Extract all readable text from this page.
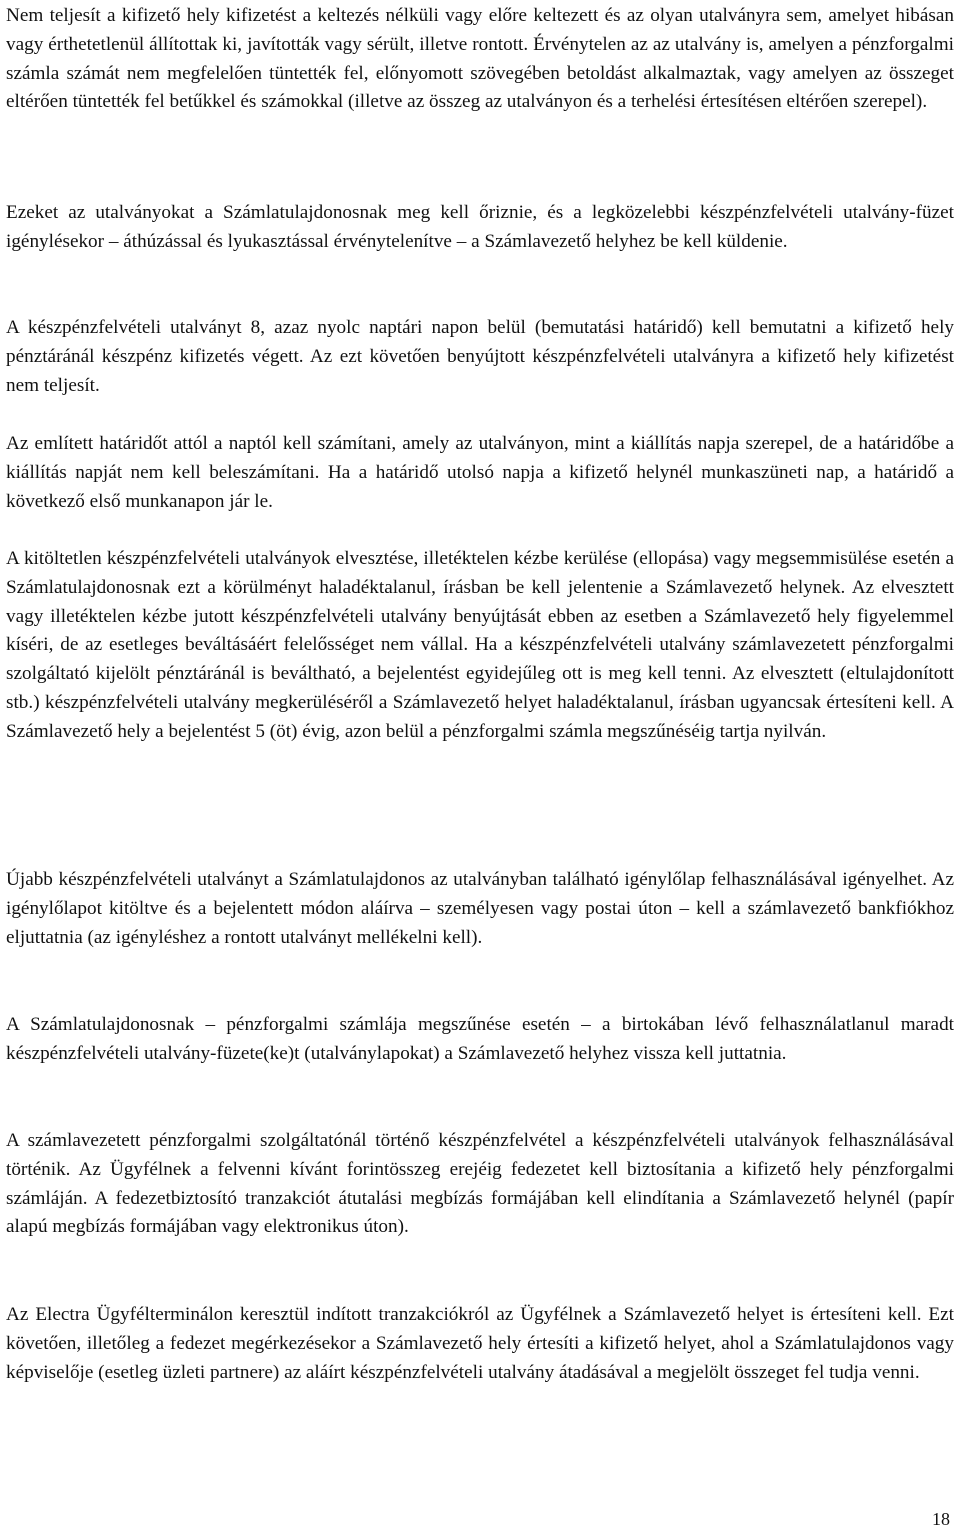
Nem teljesít a kifizető hely kifizetést a keltezés nélküli vagy előre keltezett és az olyan utalványra sem, amelyet hibásan vagy érthetetlenül állítottak ki, javították vagy sérült, illetve rontott. Érvénytelen az az utalvány is, amelyen a pénzforgalmi számla számát nem megfelelően tüntették fel, előnyomott szövegében betoldást alkalmaztak, vagy amelyen az összeget eltérően tüntették fel betűkkel és számokkal (illetve az összeg az utalványon és a terhelési értesítésen eltérően szerepel).

Ezeket az utalványokat a Számlatulajdonosnak meg kell őriznie, és a legközelebbi készpénzfelvételi utalvány-füzet igénylésekor – áthúzással és lyukasztással érvénytelenítve – a Számlavezető helyhez be kell küldenie.

A készpénzfelvételi utalványt 8, azaz nyolc naptári napon belül (bemutatási határidő) kell bemutatni a kifizető hely pénztáránál készpénz kifizetés végett. Az ezt követően benyújtott készpénzfelvételi utalványra a kifizető hely kifizetést nem teljesít.

Az említett határidőt attól a naptól kell számítani, amely az utalványon, mint a kiállítás napja szerepel, de a határidőbe a kiállítás napját nem kell beleszámítani. Ha a határidő utolsó napja a kifizető helynél munkaszüneti nap, a határidő a következő első munkanapon jár le.

A kitöltetlen készpénzfelvételi utalványok elvesztése, illetéktelen kézbe kerülése (ellopása) vagy megsemmisülése esetén a Számlatulajdonosnak ezt a körülményt haladéktalanul, írásban be kell jelentenie a Számlavezető helynek. Az elvesztett vagy illetéktelen kézbe jutott készpénzfelvételi utalvány benyújtását ebben az esetben a Számlavezető hely figyelemmel kíséri, de az esetleges beváltásáért felelősséget nem vállal. Ha a készpénzfelvételi utalvány számlavezetett pénzforgalmi szolgáltató kijelölt pénztáránál is beváltható, a bejelentést egyidejűleg ott is meg kell tenni. Az elvesztett (eltulajdonított stb.) készpénzfelvételi utalvány megkerüléséről a Számlavezető helyet haladéktalanul, írásban ugyancsak értesíteni kell. A Számlavezető hely a bejelentést 5 (öt) évig, azon belül a pénzforgalmi számla megszűnéséig tartja nyilván.

Újabb készpénzfelvételi utalványt a Számlatulajdonos az utalványban található igénylőlap felhasználásával igényelhet. Az igénylőlapot kitöltve és a bejelentett módon aláírva – személyesen vagy postai úton – kell a számlavezető bankfiókhoz eljuttatnia (az igényléshez a rontott utalványt mellékelni kell).

A Számlatulajdonosnak – pénzforgalmi számlája megszűnése esetén – a birtokában lévő felhasználatlanul maradt készpénzfelvételi utalvány-füzete(ke)t (utalványlapokat) a Számlavezető helyhez vissza kell juttatnia.

A számlavezetett pénzforgalmi szolgáltatónál történő készpénzfelvétel a készpénzfelvételi utalványok felhasználásával történik. Az Ügyfélnek a felvenni kívánt forintösszeg erejéig fedezetet kell biztosítania a kifizető hely pénzforgalmi számláján. A fedezetbiztosító tranzakciót átutalási megbízás formájában kell elindítania a Számlavezető helynél (papír alapú megbízás formájában vagy elektronikus úton).

Az Electra Ügyfélterminálon keresztül indított tranzakciókról az Ügyfélnek a Számlavezető helyet is értesíteni kell. Ezt követően, illetőleg a fedezet megérkezésekor a Számlavezető hely értesíti a kifizető helyet, ahol a Számlatulajdonos vagy képviselője (esetleg üzleti partnere) az aláírt készpénzfelvételi utalvány átadásával a megjelölt összeget fel tudja venni.

18
